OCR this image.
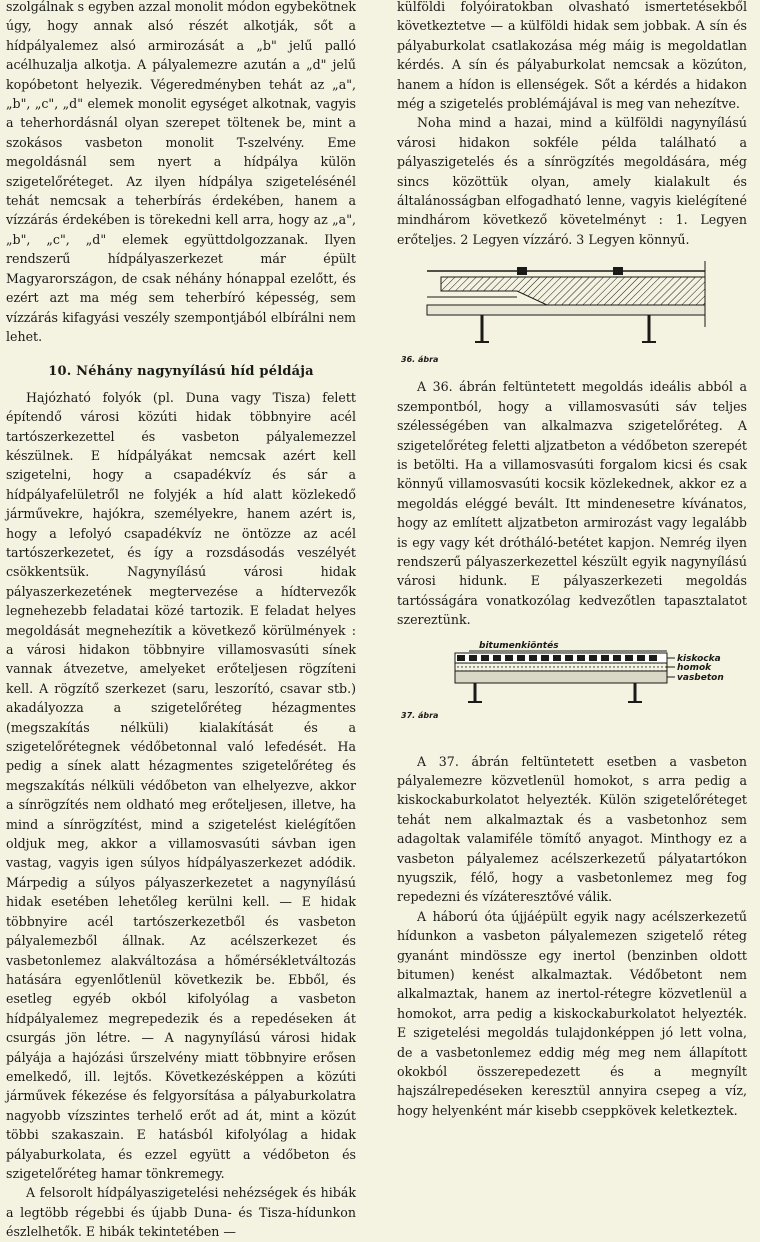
szolgálnak s egyben azzal monolit módon egybekötnek úgy, hogy annak alsó részét alkotják, sőt a hídpályalemez alsó armirozását a „b" jelű palló acélhuzalja alkotja. A pályalemezre azután a „d" jelű kopóbetont helyezik. Végeredményben tehát az „a", „b", „c", „d" elemek monolit egységet alkotnak, vagyis a teherhordásnál olyan szerepet töltenek be, mint a szokásos vasbeton monolit T-szelvény. Eme megoldásnál sem nyert a hídpálya külön szigetelőréteget. Az ilyen hídpálya szigetelésénél tehát nemcsak a teherbírás érdekében, hanem a vízzárás érdekében is törekedni kell arra, hogy az „a", „b", „c", „d" elemek együttdolgozzanak. Ilyen rendszerű hídpályaszerkezet már épült Magyarországon, de csak néhány hónappal ezelőtt, és ezért azt ma még sem teherbíró képesség, sem vízzárás kifagyási veszély szempontjából elbírálni nem lehet.

10. Néhány nagynyílású híd példája

Hajózható folyók (pl. Duna vagy Tisza) felett építendő városi közúti hidak többnyire acél tartószerkezettel és vasbeton pályalemezzel készülnek. E hídpályákat nemcsak azért kell szigetelni, hogy a csapadékvíz és sár a hídpályafelületről ne folyjék a híd alatt közlekedő járművekre, hajókra, személyekre, hanem azért is, hogy a lefolyó csapadékvíz ne öntözze az acél tartószerkezetet, és így a rozsdásodás veszélyét csökkentsük. Nagynyílású városi hidak pályaszerkezetének megtervezése a hídtervezők legnehezebb feladatai közé tartozik. E feladat helyes megoldását megnehezítik a következő körülmények : a városi hidakon többnyire villamosvasúti sínek vannak átvezetve, amelyeket erőteljesen rögzíteni kell. A rögzítő szerkezet (saru, leszorító, csavar stb.) akadályozza a szigetelőréteg hézagmentes (megszakítás nélküli) kialakítását és a szigetelőrétegnek védőbetonnal való lefedését. Ha pedig a sínek alatt hézagmentes szigetelőréteg és megszakítás nélküli védőbeton van elhelyezve, akkor a sínrögzítés nem oldható meg erőteljesen, illetve, ha mind a sínrögzítést, mind a szigetelést kielégítően oldjuk meg, akkor a villamosvasúti sávban igen vastag, vagyis igen súlyos hídpályaszerkezet adódik. Márpedig a súlyos pályaszerkezetet a nagynyílású hidak esetében lehetőleg kerülni kell. — E hidak többnyire acél tartószerkezetből és vasbeton pályalemezből állnak. Az acélszerkezet és vasbetonlemez alakváltozása a hőmérsékletváltozás hatására egyenlőtlenül következik be. Ebből, és esetleg egyéb okból kifolyólag a vasbeton hídpályalemez megrepedezik és a repedéseken át csurgás jön létre. — A nagynyílású városi hidak pályája a hajózási űrszelvény miatt többnyire erősen emelkedő, ill. lejtős. Következésképpen a közúti járművek fékezése és felgyorsítása a pályaburkolatra nagyobb vízszintes terhelő erőt ad át, mint a közút többi szakaszain. E hatásból kifolyólag a hidak pályaburkolata, és ezzel együtt a védőbeton és szigetelőréteg hamar tönkremegy.

A felsorolt hídpályaszigetelési nehézségek és hibák a legtöbb régebbi és újabb Duna- és Tisza-hídunkon észlelhetők. E hibák tekintetében —

külföldi folyóiratokban olvasható ismertetésekből következtetve — a külföldi hidak sem jobbak. A sín és pályaburkolat csatlakozása még máig is megoldatlan kérdés. A sín és pályaburkolat nemcsak a közúton, hanem a hídon is ellenségek. Sőt a kérdés a hidakon még a szigetelés problémájával is meg van nehezítve.

Noha mind a hazai, mind a külföldi nagynyílású városi hidakon sokféle példa található a pályaszigetelés és a sínrögzítés megoldására, még sincs közöttük olyan, amely kialakult és általánosságban elfogadható lenne, vagyis kielégítené mindhárom következő követelményt : 1. Legyen erőteljes. 2 Legyen vízzáró. 3 Legyen könnyű.

36. ábra

A 36. ábrán feltüntetett megoldás ideális abból a szempontból, hogy a villamosvasúti sáv teljes szélességében van alkalmazva szigetelőréteg. A szigetelőréteg feletti aljzatbeton a védőbeton szerepét is betölti. Ha a villamosvasúti forgalom kicsi és csak könnyű villamosvasúti kocsik közlekednek, akkor ez a megoldás eléggé bevált. Itt mindenesetre kívánatos, hogy az említett aljzatbeton armirozást vagy legalább is egy vagy két drótháló-betétet kapjon. Nemrég ilyen rendszerű pályaszerkezettel készült egyik nagynyílású városi hidunk. E pályaszerkezeti megoldás tartósságára vonatkozólag kedvezőtlen tapasztalatot szereztünk.

bitumenkiöntés
kiskocka
homok
vasbeton
37. ábra

A 37. ábrán feltüntetett esetben a vasbeton pályalemezre közvetlenül homokot, s arra pedig a kiskockaburkolatot helyezték. Külön szigetelőréteget tehát nem alkalmaztak és a vasbetonhoz sem adagoltak valamiféle tömítő anyagot. Minthogy ez a vasbeton pályalemez acélszerkezetű pályatartókon nyugszik, félő, hogy a vasbetonlemez meg fog repedezni és vízáteresztővé válik.

A háború óta újjáépült egyik nagy acélszerkezetű hídunkon a vasbeton pályalemezen szigetelő réteg gyanánt mindössze egy inertol (benzinben oldott bitumen) kenést alkalmaztak. Védőbetont nem alkalmaztak, hanem az inertol-rétegre közvetlenül a homokot, arra pedig a kiskockaburkolatot helyezték. E szigetelési megoldás tulajdonképpen jó lett volna, de a vasbetonlemez eddig még meg nem állapított okokból összerepedezett és a megnyílt hajszálrepedéseken keresztül annyira csepeg a víz, hogy helyenként már kisebb cseppkövek keletkeztek.
